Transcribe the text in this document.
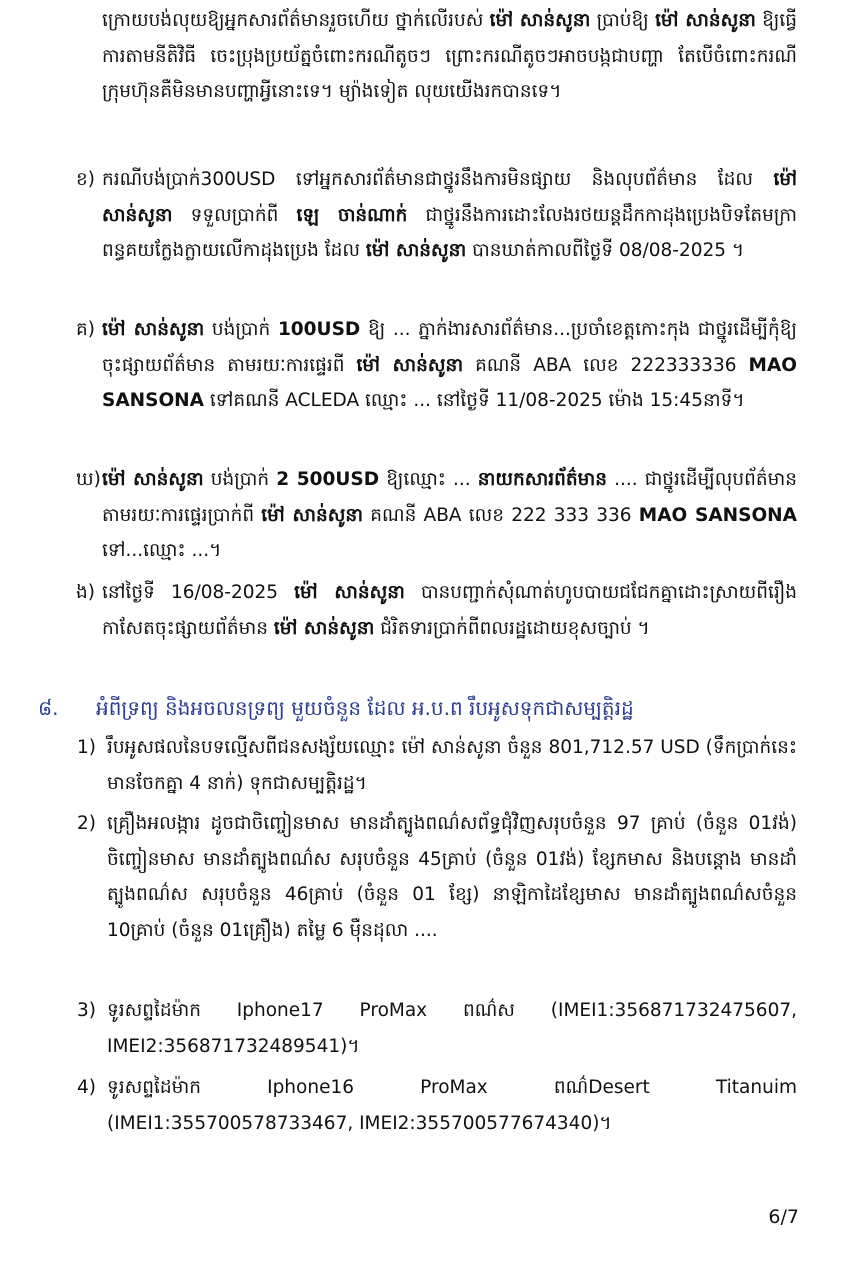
ក្រោយបង់លុយឱ្យអ្នកសារព័ត៌មានរួចហើយ ថ្នាក់លើរបស់ ម៉ៅ សាន់សូនា ប្រាប់ឱ្យ ម៉ៅ សាន់សូនា ឱ្យធ្វើការតាមនីតិវិធី ចេះប្រុងប្រយ័ត្នចំពោះករណីតូចៗ ព្រោះករណីតូចៗអាចបង្កជាបញ្ហា តែបើចំពោះករណីក្រុមហ៊ុនគឺមិនមានបញ្ហាអ្វីនោះទេ។ ម្យ៉ាងទៀត លុយយើងរកបានទេ។

ខ) ករណីបង់ប្រាក់300USD ទៅអ្នកសារព័ត៌មានជាថ្នូរនឹងការមិនផ្សាយ និងលុបព័ត៌មាន ដែល ម៉ៅ សាន់សូនា ទទួលប្រាក់ពី ឡេ ចាន់ណាក់ ជាថ្នូរនឹងការដោះលែងរថយន្តដឹកកាដុងប្រេងបិទតែមក្រាពន្ធគយក្លែងក្លាយលើកាដុងប្រេង ដែល ម៉ៅ សាន់សូនា បានឃាត់កាលពីថ្ងៃទី 08/08-2025 ។

គ) ម៉ៅ សាន់សូនា បង់ប្រាក់ 100USD ឱ្យ ... ភ្នាក់ងារសារព័ត៌មាន...ប្រចាំខេត្តកោះកុង ជាថ្នូរដើម្បីកុំឱ្យចុះផ្សាយព័ត៌មាន តាមរយៈការផ្ទេរពី ម៉ៅ សាន់សូនា គណនី ABA លេខ 222333336 MAO SANSONA ទៅគណនី ACLEDA ឈ្មោះ ... នៅថ្ងៃទី 11/08-2025 ម៉ោង 15:45នាទី។

ឃ) ម៉ៅ សាន់សូនា បង់ប្រាក់ 2 500USD ឱ្យឈ្មោះ ... នាយកសារព័ត៌មាន .... ជាថ្នូរដើម្បីលុបព័ត៌មាន តាមរយៈការផ្ទេរប្រាក់ពី ម៉ៅ សាន់សូនា គណនី ABA លេខ 222 333 336 MAO SANSONA ទៅ...ឈ្មោះ ...។

ង) នៅថ្ងៃទី 16/08-2025 ម៉ៅ សាន់សូនា បានបញ្ជាក់សុំណាត់ហូបបាយជជែកគ្នាដោះស្រាយពីរឿងកាសែតចុះផ្សាយព័ត៌មាន ម៉ៅ សាន់សូនា ជំរិតទារប្រាក់ពីពលរដ្ឋដោយខុសច្បាប់ ។

៨. អំពីទ្រព្យ និងអចលនទ្រព្យ មួយចំនួន ដែល អ.ប.ព រឹបអូសទុកជាសម្បត្តិរដ្ឋ
1) រឹបអូសផលនៃបទល្មើសពីជនសង្ស័យឈ្មោះ ម៉ៅ សាន់សូនា ចំនួន 801,712.57 USD (ទឹកប្រាក់់នេះមានចែកគ្នា 4 នាក់) ទុកជាសម្បត្តិរដ្ឋ។

2) គ្រឿងអលង្ការ ដូចជាចិញ្ចៀនមាស មានដាំត្បូងពណ៌សព័ទ្ធជុំវិញសរុបចំនួន 97 គ្រាប់ (ចំនួន 01វង់) ចិញ្ចៀនមាស មានដាំត្បូងពណ៌ស សរុបចំនួន 45គ្រាប់ (ចំនួន 01វង់) ខ្សែកមាស និងបន្តោង មានដាំត្បូងពណ៌ស សរុបចំនួន 46គ្រាប់ (ចំនួន 01 ខ្សែ) នាឡិកាដៃខ្សែមាស មានដាំត្បូងពណ៌សចំនួន 10គ្រាប់ (ចំនួន 01គ្រឿង) តម្លៃ 6 ម៉ឺនដុលា ....

3) ទូរសព្ទដៃម៉ាក Iphone17 ProMax ពណ៌ស (IMEI1:356871732475607, IMEI2:356871732489541)។

4) ទូរសព្ទដៃម៉ាក Iphone16 ProMax ពណ៌Desert Titanuim (IMEI1:355700578733467, IMEI2:355700577674340)។

6/7
